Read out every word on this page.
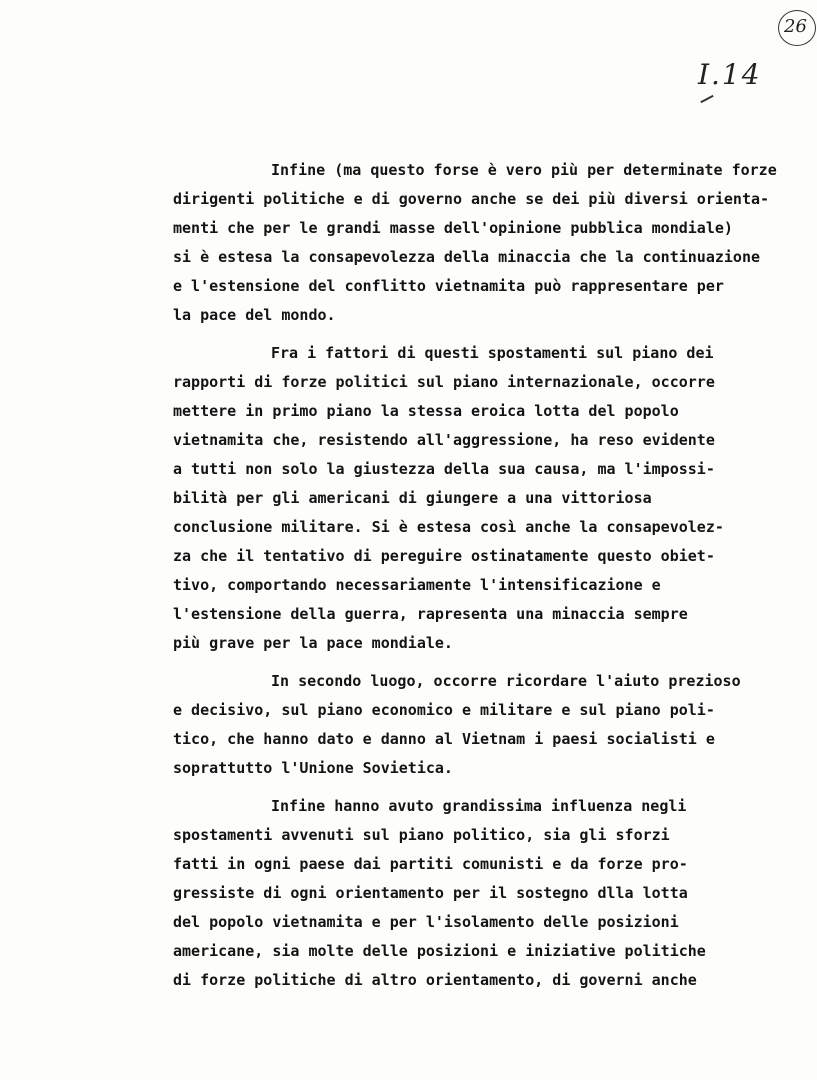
26
I.14
Infine (ma questo forse è vero più per determinate forze
dirigenti politiche e di governo anche se dei più diversi orienta-
menti che per le grandi masse dell'opinione pubblica mondiale)
si è estesa la consapevolezza della minaccia che la continuazione
e l'estensione del conflitto vietnamita può rappresentare per
la pace del mondo.
Fra i fattori di questi spostamenti sul piano dei
rapporti di forze politici sul piano internazionale, occorre
mettere in primo piano la stessa eroica lotta del popolo
vietnamita che, resistendo all'aggressione, ha reso evidente
a tutti non solo la giustezza della sua causa, ma l'impossi-
bilità per gli americani di giungere a una vittoriosa
conclusione militare. Si è estesa così anche la consapevolez-
za che il tentativo di pereguire ostinatamente questo obiet-
tivo, comportando necessariamente l'intensificazione e
l'estensione della guerra, rapresenta una minaccia sempre
più grave per la pace mondiale.
In secondo luogo, occorre ricordare l'aiuto prezioso
e decisivo, sul piano economico e militare e sul piano poli-
tico, che hanno dato e danno al Vietnam i paesi socialisti e
soprattutto l'Unione Sovietica.
Infine hanno avuto grandissima influenza negli
spostamenti avvenuti sul piano politico, sia gli sforzi
fatti in ogni paese dai partiti comunisti e da forze pro-
gressiste di ogni orientamento per il sostegno dlla lotta
del popolo vietnamita e per l'isolamento delle posizioni
americane, sia molte delle posizioni e iniziative politiche
di forze politiche di altro orientamento, di governi anche
